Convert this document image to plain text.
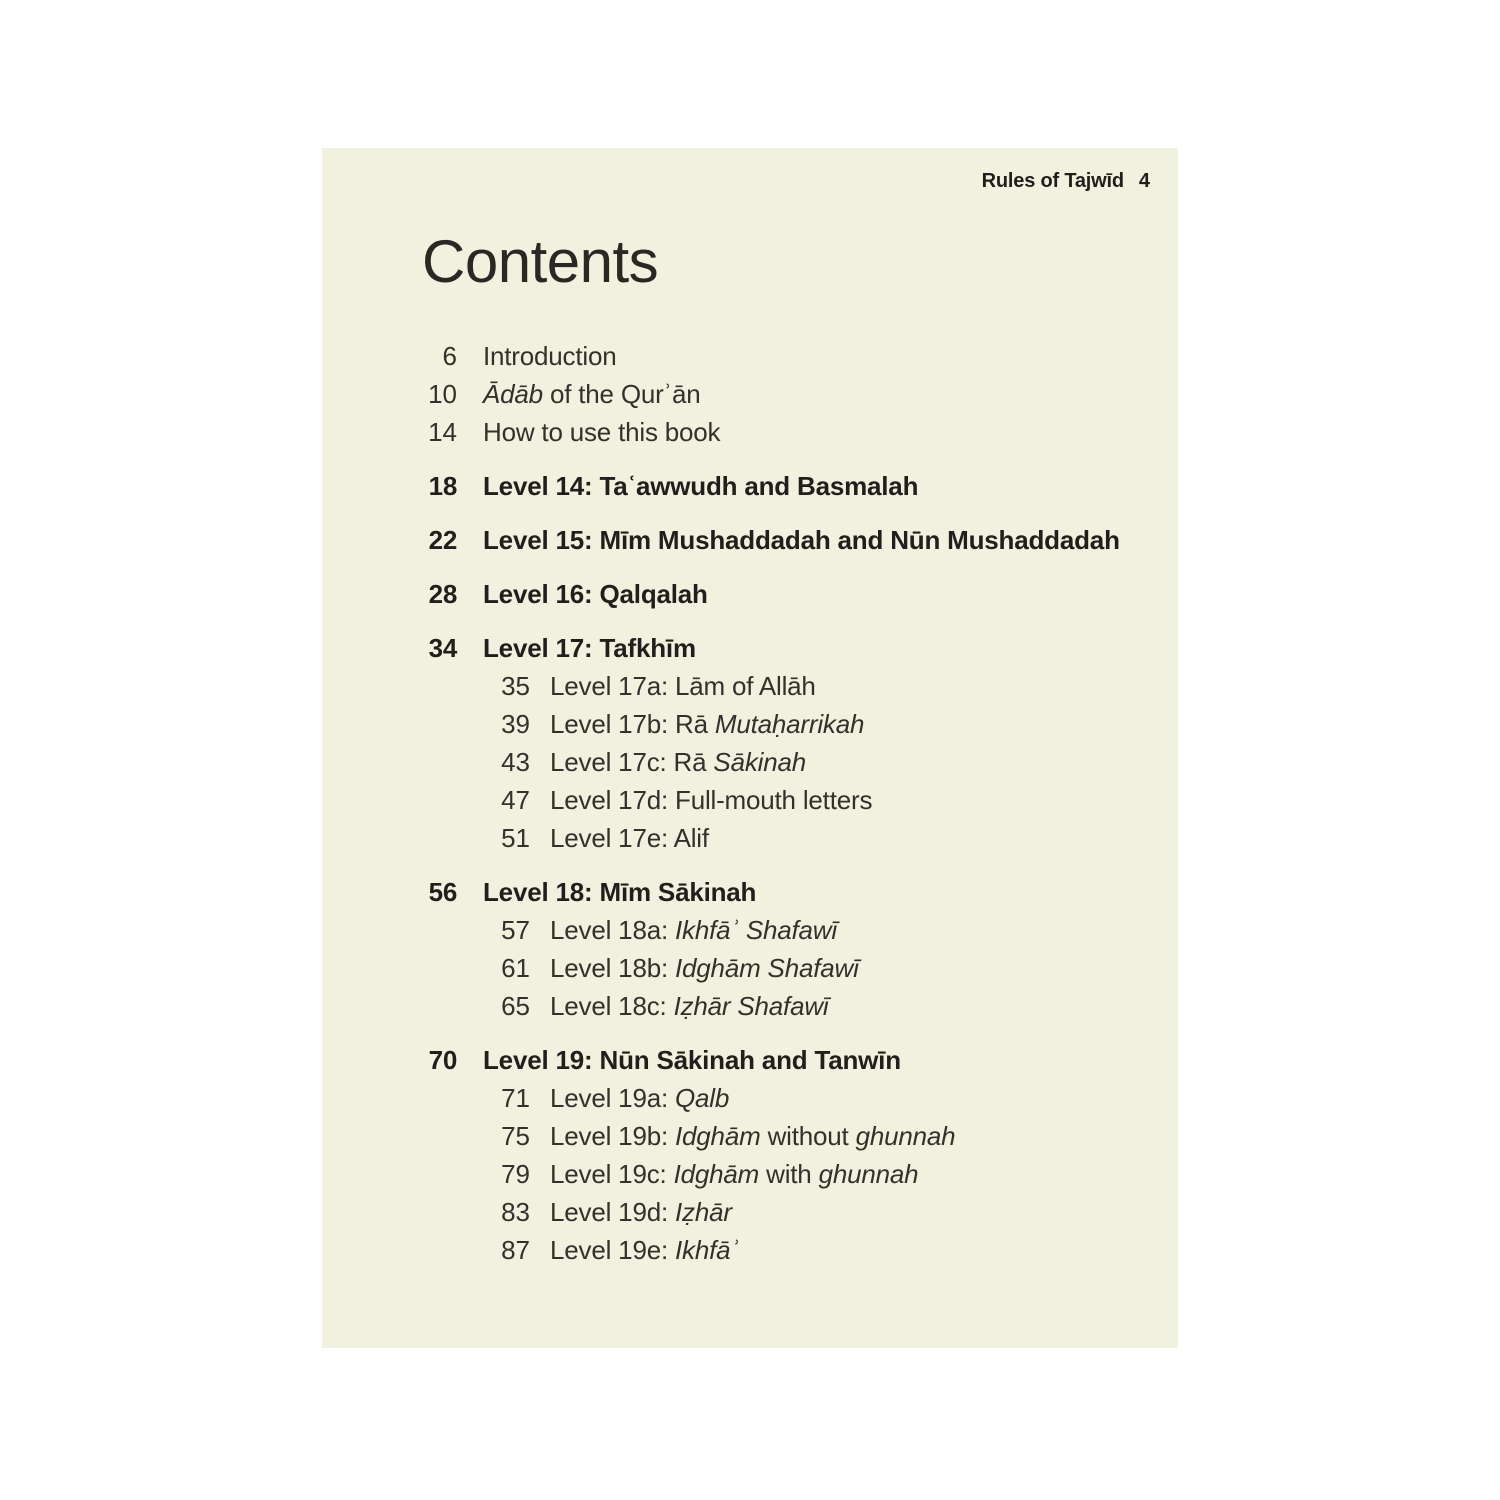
Rules of Tajwīd 4
Contents
6	Introduction
10	Ādāb of the Qurʾān
14	How to use this book
18	Level 14: Taʿawwudh and Basmalah
22	Level 15: Mīm Mushaddadah and Nūn Mushaddadah
28	Level 16: Qalqalah
34	Level 17: Tafkhīm
35 Level 17a: Lām of Allāh
39 Level 17b: Rā Mutaḥarrikah
43 Level 17c: Rā Sākinah
47 Level 17d: Full-mouth letters
51 Level 17e: Alif
56	Level 18: Mīm Sākinah
57 Level 18a: Ikhfāʾ Shafawī
61 Level 18b: Idghām Shafawī
65 Level 18c: Iẓhār Shafawī
70	Level 19: Nūn Sākinah and Tanwīn
71 Level 19a: Qalb
75 Level 19b: Idghām without ghunnah
79 Level 19c: Idghām with ghunnah
83 Level 19d: Iẓhār
87 Level 19e: Ikhfāʾ
